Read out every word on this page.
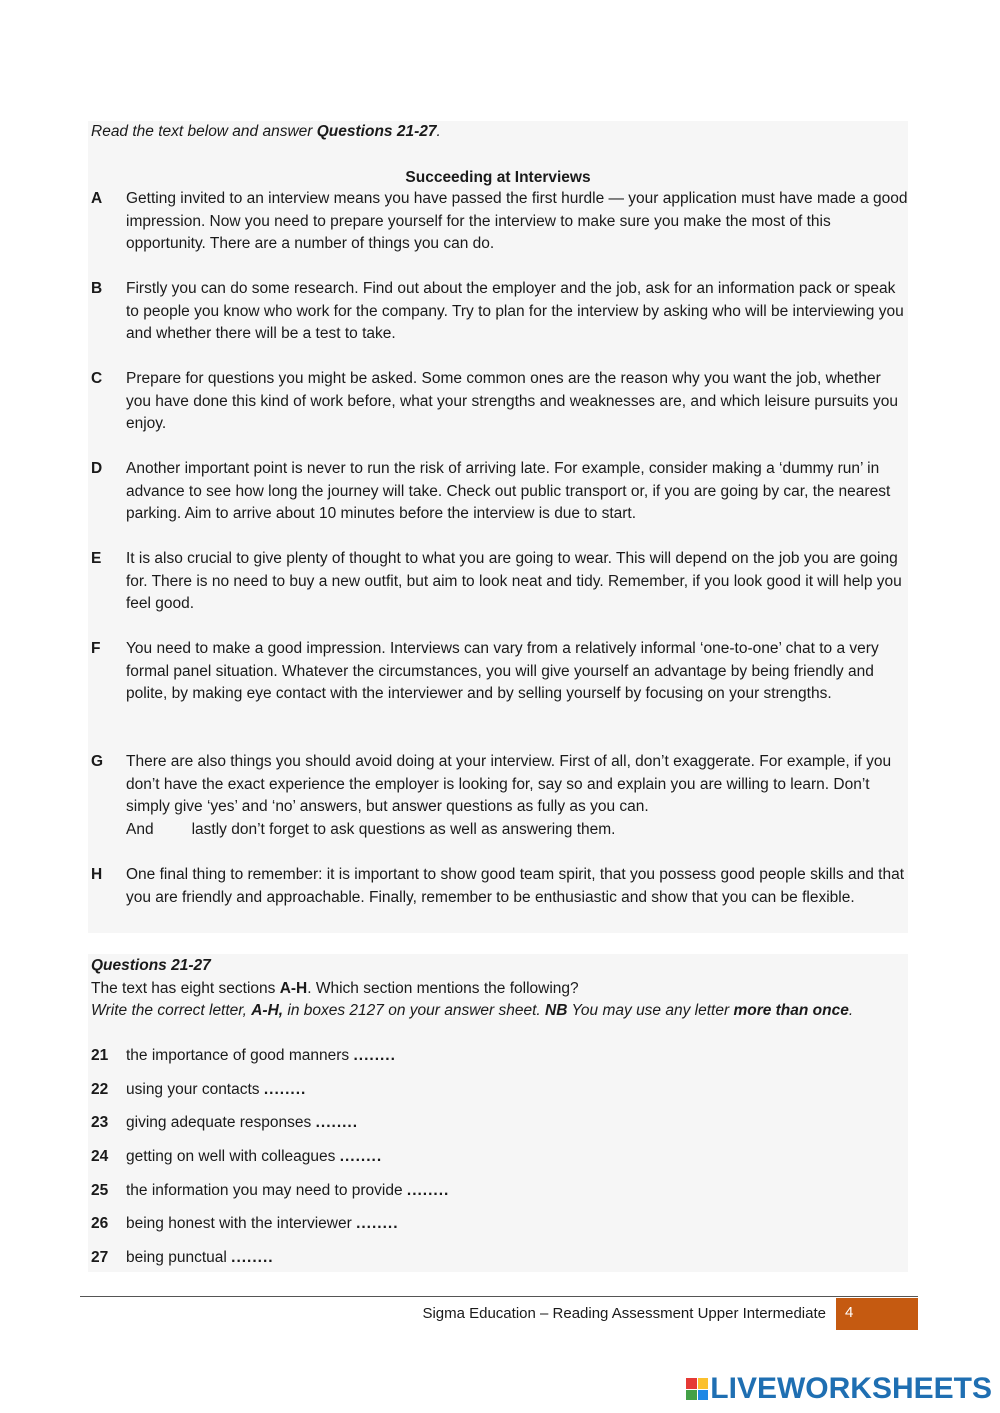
Read the text below and answer Questions 21-27.
Succeeding at Interviews
A Getting invited to an interview means you have passed the first hurdle — your application must have made a good impression. Now you need to prepare yourself for the interview to make sure you make the most of this opportunity. There are a number of things you can do.
B Firstly you can do some research. Find out about the employer and the job, ask for an information pack or speak to people you know who work for the company. Try to plan for the interview by asking who will be interviewing you and whether there will be a test to take.
C Prepare for questions you might be asked. Some common ones are the reason why you want the job, whether you have done this kind of work before, what your strengths and weaknesses are, and which leisure pursuits you enjoy.
D Another important point is never to run the risk of arriving late. For example, consider making a ‘dummy run’ in advance to see how long the journey will take. Check out public transport or, if you are going by car, the nearest parking. Aim to arrive about 10 minutes before the interview is due to start.
E It is also crucial to give plenty of thought to what you are going to wear. This will depend on the job you are going for. There is no need to buy a new outfit, but aim to look neat and tidy. Remember, if you look good it will help you feel good.
F You need to make a good impression. Interviews can vary from a relatively informal ‘one-to-one’ chat to a very formal panel situation. Whatever the circumstances, you will give yourself an advantage by being friendly and polite, by making eye contact with the interviewer and by selling yourself by focusing on your strengths.
G There are also things you should avoid doing at your interview. First of all, don’t exaggerate. For example, if you don’t have the exact experience the employer is looking for, say so and explain you are willing to learn. Don’t simply give ‘yes’ and ‘no’ answers, but answer questions as fully as you can.
And lastly don’t forget to ask questions as well as answering them.
H One final thing to remember: it is important to show good team spirit, that you possess good people skills and that you are friendly and approachable. Finally, remember to be enthusiastic and show that you can be flexible.
Questions 21-27
The text has eight sections A-H. Which section mentions the following?
Write the correct letter, A-H, in boxes 2127 on your answer sheet. NB You may use any letter more than once.
21 the importance of good manners ........
22 using your contacts ........
23 giving adequate responses ........
24 getting on well with colleagues ........
25 the information you may need to provide ........
26 being honest with the interviewer ........
27 being punctual ........
Sigma Education – Reading Assessment Upper Intermediate	4
LIVEWORKSHEETS
